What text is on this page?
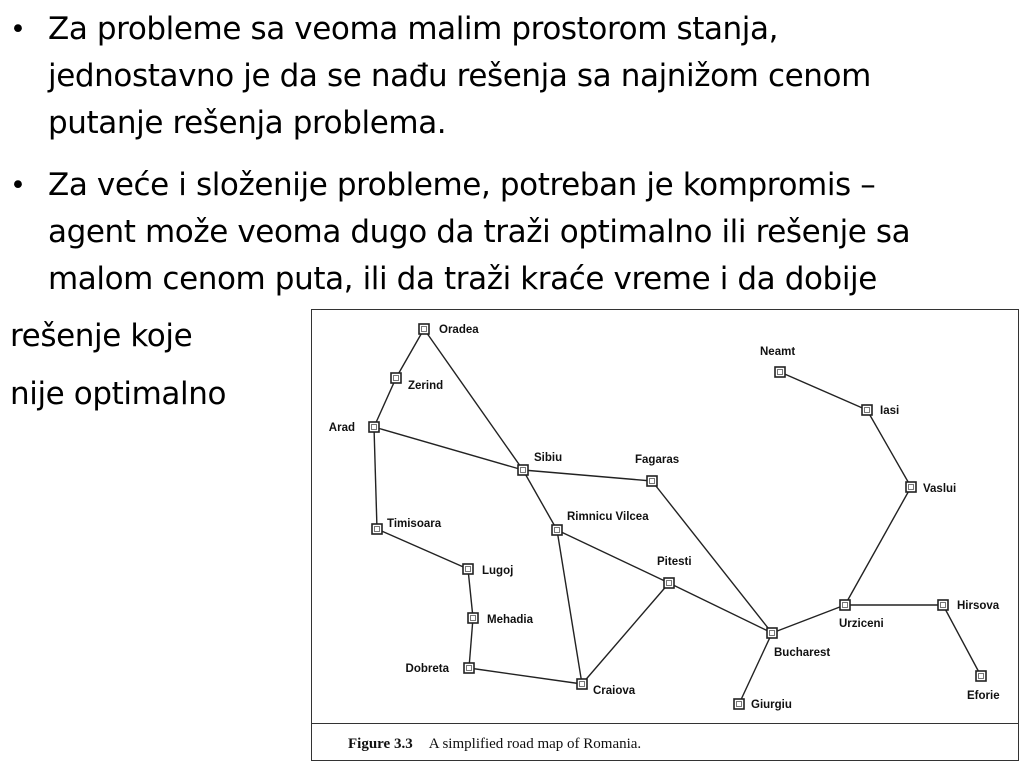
• Za probleme sa veoma malim prostorom stanja,
jednostavno je da se nađu rešenja sa najnižom cenom
putanje rešenja problema.
• Za veće i složenije probleme, potreban je kompromis –
agent može veoma dugo da traži optimalno ili rešenje sa
malom cenom puta, ili da traži kraće vreme i da dobije
rešenje koje
nije optimalno
Oradea
Zerind
Arad
Sibiu	Fagaras
Timisoara
Rimnicu Vilcea
Lugoj
Pitesti
Mehadia
Dobreta
Craiova
Bucharest
Giurgiu
Neamt
Iasi
Vaslui
Urziceni
Hirsova
Eforie
Figure 3.3 A simplified road map of Romania.
